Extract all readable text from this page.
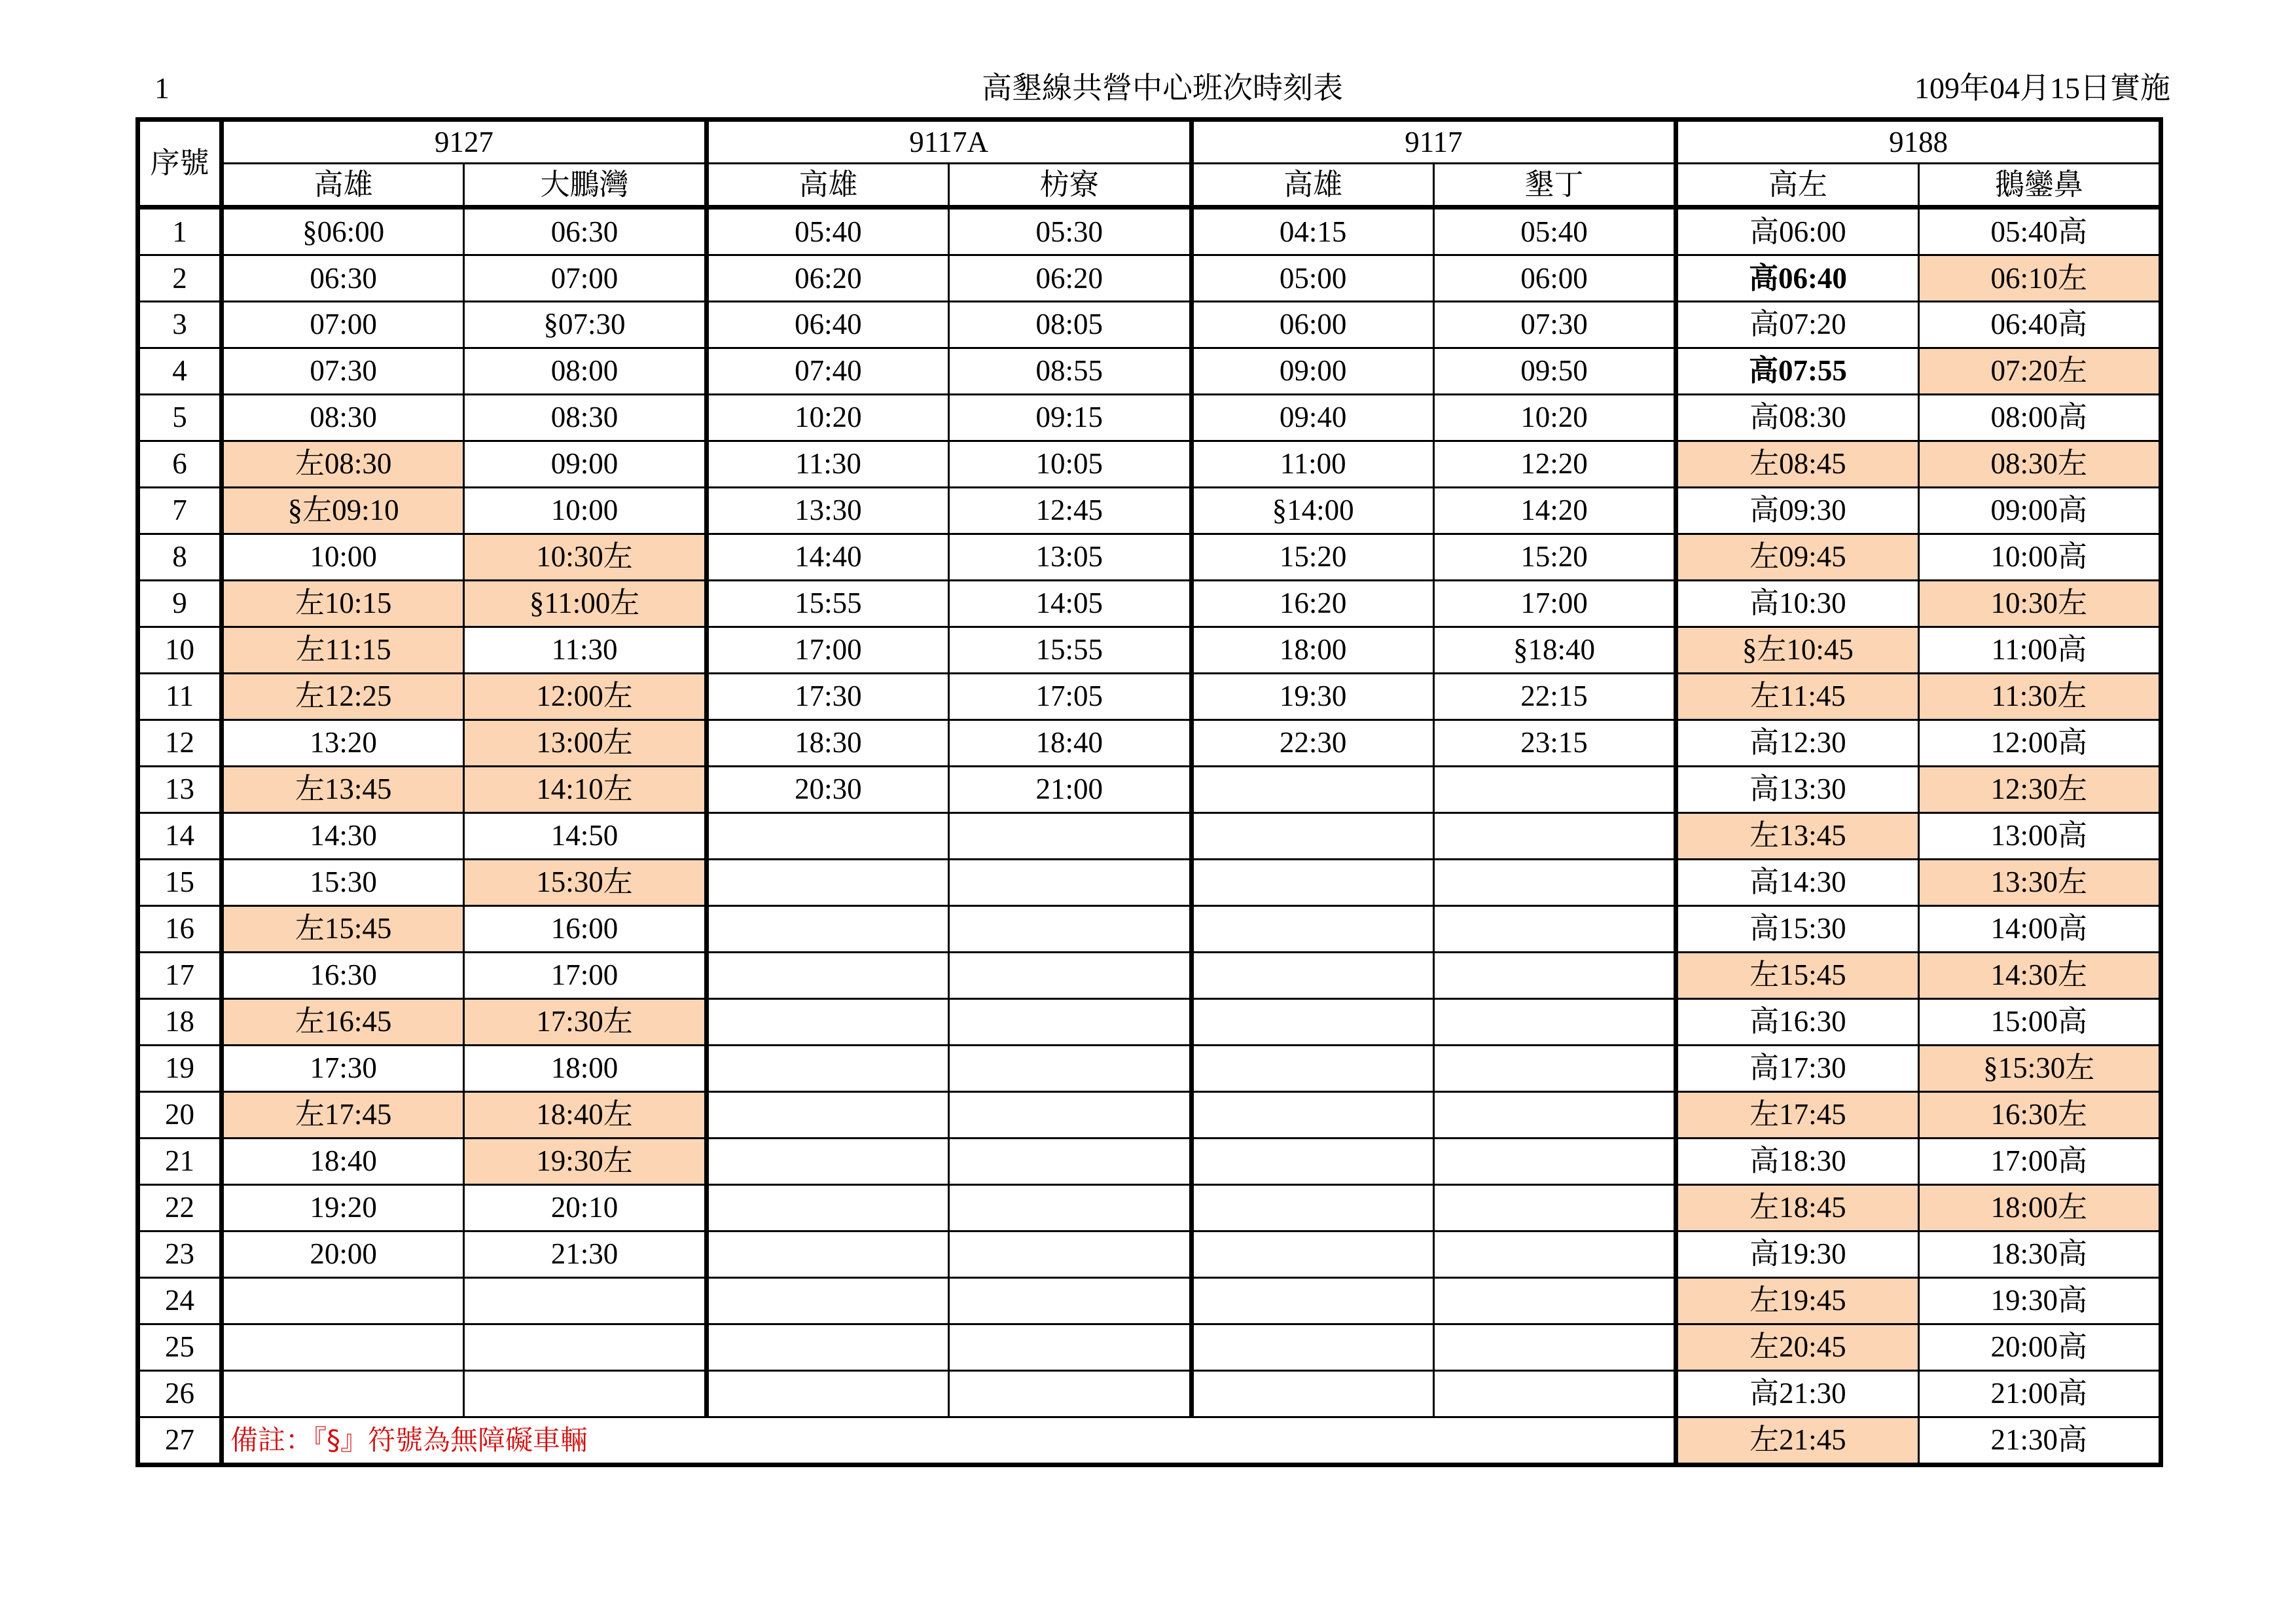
1	高墾線共營中心班次時刻表	109年04月15日實施
序號	9127		9117A		9117		9188	
	高雄	大鵬灣	高雄	枋寮	高雄	墾丁	高左	鵝鑾鼻
1	§06:00	06:30	05:40	05:30	04:15	05:40	高06:00	05:40高
2	06:30	07:00	06:20	06:20	05:00	06:00	高06:40	06:10左
3	07:00	§07:30	06:40	08:05	06:00	07:30	高07:20	06:40高
4	07:30	08:00	07:40	08:55	09:00	09:50	高07:55	07:20左
5	08:30	08:30	10:20	09:15	09:40	10:20	高08:30	08:00高
6	左08:30	09:00	11:30	10:05	11:00	12:20	左08:45	08:30左
7	§左09:10	10:00	13:30	12:45	§14:00	14:20	高09:30	09:00高
8	10:00	10:30左	14:40	13:05	15:20	15:20	左09:45	10:00高
9	左10:15	§11:00左	15:55	14:05	16:20	17:00	高10:30	10:30左
10	左11:15	11:30	17:00	15:55	18:00	§18:40	§左10:45	11:00高
11	左12:25	12:00左	17:30	17:05	19:30	22:15	左11:45	11:30左
12	13:20	13:00左	18:30	18:40	22:30	23:15	高12:30	12:00高
13	左13:45	14:10左	20:30	21:00			高13:30	12:30左
14	14:30	14:50					左13:45	13:00高
15	15:30	15:30左					高14:30	13:30左
16	左15:45	16:00					高15:30	14:00高
17	16:30	17:00					左15:45	14:30左
18	左16:45	17:30左					高16:30	15:00高
19	17:30	18:00					高17:30	§15:30左
20	左17:45	18:40左					左17:45	16:30左
21	18:40	19:30左					高18:30	17:00高
22	19:20	20:10					左18:45	18:00左
23	20:00	21:30					高19:30	18:30高
24							左19:45	19:30高
25							左20:45	20:00高
26							高21:30	21:00高
27	備註：『§』符號為無障礙車輛						左21:45	21:30高
